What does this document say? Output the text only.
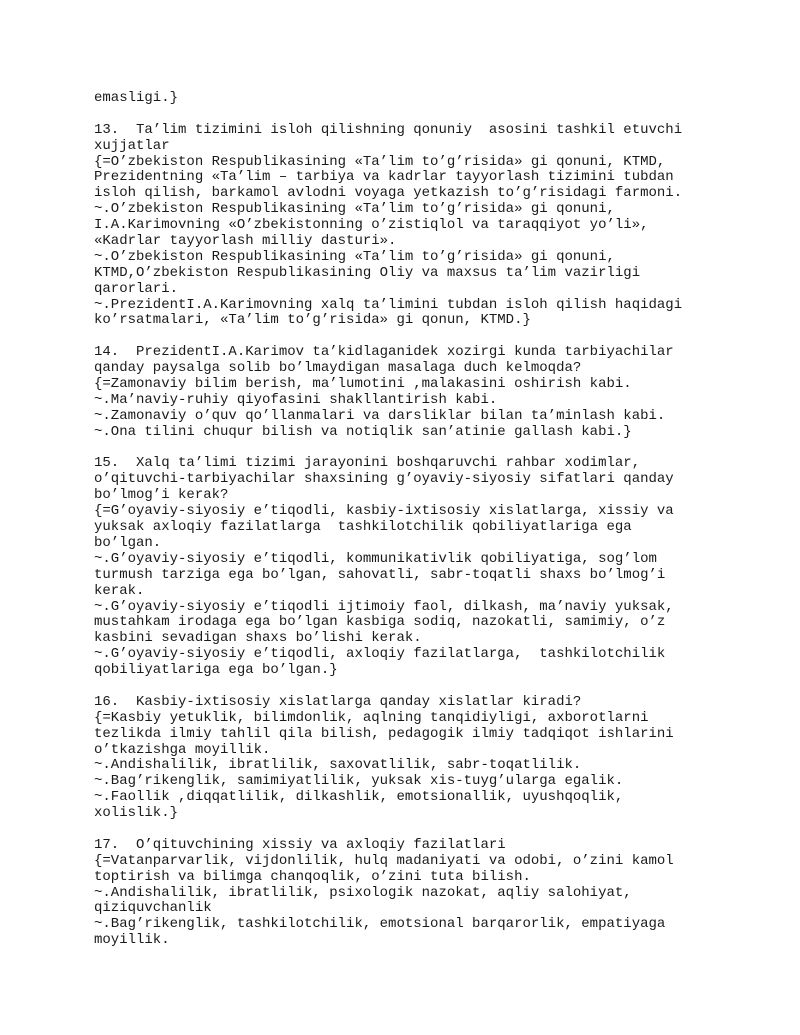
emasligi.}
13.  Ta’lim tizimini isloh qilishning qonuniy  asosini tashkil etuvchi
xujjatlar
{=O’zbekiston Respublikasining «Ta’lim to’g’risida» gi qonuni, KTMD,
Prezidentning «Ta’lim – tarbiya va kadrlar tayyorlash tizimini tubdan
isloh qilish, barkamol avlodni voyaga yetkazish to’g’risidagi farmoni.
~.O’zbekiston Respublikasining «Ta’lim to’g’risida» gi qonuni,
I.A.Karimovning «O’zbekistonning o’zistiqlol va taraqqiyot yo’li»,
«Kadrlar tayyorlash milliy dasturi».
~.O’zbekiston Respublikasining «Ta’lim to’g’risida» gi qonuni,
KTMD,O’zbekiston Respublikasining Oliy va maxsus ta’lim vazirligi
qarorlari.
~.PrezidentI.A.Karimovning xalq ta’limini tubdan isloh qilish haqidagi
ko’rsatmalari, «Ta’lim to’g’risida» gi qonun, KTMD.}
14.  PrezidentI.A.Karimov ta’kidlaganidek xozirgi kunda tarbiyachilar
qanday paysalga solib bo’lmaydigan masalaga duch kelmoqda?
{=Zamonaviy bilim berish, ma’lumotini ,malakasini oshirish kabi.
~.Ma’naviy-ruhiy qiyofasini shakllantirish kabi.
~.Zamonaviy o’quv qo’llanmalari va darsliklar bilan ta’minlash kabi.
~.Ona tilini chuqur bilish va notiqlik san’atinie gallash kabi.}
15.  Xalq ta’limi tizimi jarayonini boshqaruvchi rahbar xodimlar,
o’qituvchi-tarbiyachilar shaxsining g’oyaviy-siyosiy sifatlari qanday
bo’lmog’i kerak?
{=G’oyaviy-siyosiy e’tiqodli, kasbiy-ixtisosiy xislatlarga, xissiy va
yuksak axloqiy fazilatlarga  tashkilotchilik qobiliyatlariga ega
bo’lgan.
~.G’oyaviy-siyosiy e’tiqodli, kommunikativlik qobiliyatiga, sog’lom
turmush tarziga ega bo’lgan, sahovatli, sabr-toqatli shaxs bo’lmog’i
kerak.
~.G’oyaviy-siyosiy e’tiqodli ijtimoiy faol, dilkash, ma’naviy yuksak,
mustahkam irodaga ega bo’lgan kasbiga sodiq, nazokatli, samimiy, o’z
kasbini sevadigan shaxs bo’lishi kerak.
~.G’oyaviy-siyosiy e’tiqodli, axloqiy fazilatlarga,  tashkilotchilik
qobiliyatlariga ega bo’lgan.}
16.  Kasbiy-ixtisosiy xislatlarga qanday xislatlar kiradi?
{=Kasbiy yetuklik, bilimdonlik, aqlning tanqidiyligi, axborotlarni
tezlikda ilmiy tahlil qila bilish, pedagogik ilmiy tadqiqot ishlarini
o’tkazishga moyillik.
~.Andishalilik, ibratlilik, saxovatlilik, sabr-toqatlilik.
~.Bag’rikenglik, samimiyatlilik, yuksak xis-tuyg’ularga egalik.
~.Faollik ,diqqatlilik, dilkashlik, emotsionallik, uyushqoqlik,
xolislik.}
17.  O’qituvchining xissiy va axloqiy fazilatlari
{=Vatanparvarlik, vijdonlilik, hulq madaniyati va odobi, o’zini kamol
toptirish va bilimga chanqoqlik, o’zini tuta bilish.
~.Andishalilik, ibratlilik, psixologik nazokat, aqliy salohiyat,
qiziquvchanlik
~.Bag’rikenglik, tashkilotchilik, emotsional barqarorlik, empatiyaga
moyillik.
